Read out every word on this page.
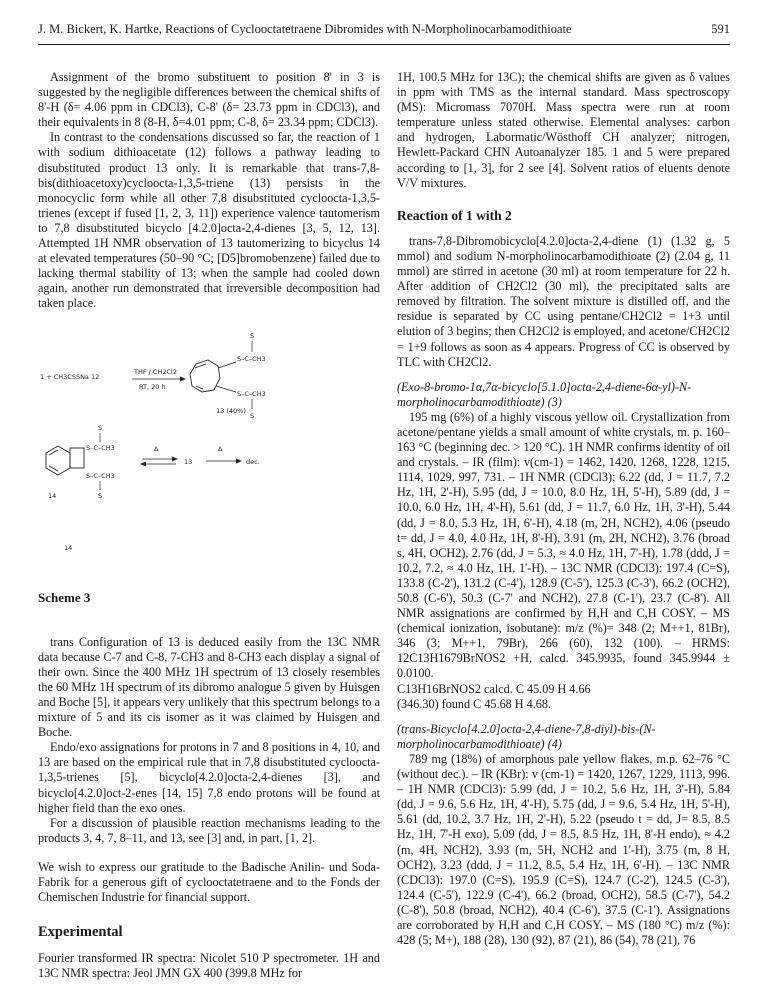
J. M. Bickert, K. Hartke, Reactions of Cyclooctatetraene Dibromides with N-Morpholinocarbamodithioate	591

Assignment of the bromo substituent to position 8' in 3 is suggested by the negligible differences between the chemical shifts of 8'-H (δ= 4.06 ppm in CDCl3), C-8' (δ= 23.73 ppm in CDCl3), and their equivalents in 8 (8-H, δ=4.01 ppm; C-8, δ= 23.34 ppm; CDCl3).

In contrast to the condensations discussed so far, the reaction of 1 with sodium dithioacetate (12) follows a pathway leading to disubstituted product 13 only. It is remarkable that trans-7,8-bis(dithioacetoxy)cycloocta-1,3,5-triene (13) persists in the monocyclic form while all other 7,8 disubstituted cycloocta-1,3,5-trienes (except if fused [1, 2, 3, 11]) experience valence tautomerism to 7,8 disubstituted bicyclo [4.2.0]octa-2,4-dienes [3, 5, 12, 13]. Attempted 1H NMR observation of 13 tautomerizing to bicyclus 14 at elevated temperatures (50–90 °C; [D5]bromobenzene) failed due to lacking thermal stability of 13; when the sample had cooled down again, another run demonstrated that irreversible decomposition had taken place.

1 + CH3CSSNa 12
THF / CH2Cl2
RT, 20 h
S
S–C–CH3
S–C–CH3
S
13 (40%)
S–C–CH3
S–C–CH3
S
S
14
Δ
13
Δ
dec.
14
Scheme 3

trans Configuration of 13 is deduced easily from the 13C NMR data because C-7 and C-8, 7-CH3 and 8-CH3 each display a signal of their own. Since the 400 MHz 1H spectrum of 13 closely resembles the 60 MHz 1H spectrum of its dibromo analogue 5 given by Huisgen and Boche [5], it appears very unlikely that this spectrum belongs to a mixture of 5 and its cis isomer as it was claimed by Huisgen and Boche.

Endo/exo assignations for protons in 7 and 8 positions in 4, 10, and 13 are based on the empirical rule that in 7,8 disubstituted cycloocta-1,3,5-trienes [5], bicyclo[4.2.0]octa-2,4-dienes [3], and bicyclo[4.2.0]oct-2-enes [14, 15] 7,8 endo protons will be found at higher field than the exo ones.

For a discussion of plausible reaction mechanisms leading to the products 3, 4, 7, 8–11, and 13, see [3] and, in part, [1, 2].

We wish to express our gratitude to the Badische Anilin- und Soda-Fabrik for a generous gift of cyclooctatetraene and to the Fonds der Chemischen Industrie for financial support.

Experimental

Fourier transformed IR spectra: Nicolet 510 P spectrometer. 1H and 13C NMR spectra: Jeol JMN GX 400 (399.8 MHz for

1H, 100.5 MHz for 13C); the chemical shifts are given as δ values in ppm with TMS as the internal standard. Mass spectroscopy (MS): Micromass 7070H. Mass spectra were run at room temperature unless stated otherwise. Elemental analyses: carbon and hydrogen, Labormatic/Wösthoff CH analyzer; nitrogen, Hewlett-Packard CHN Autoanalyzer 185. 1 and 5 were prepared according to [1, 3], for 2 see [4]. Solvent ratios of eluents denote V/V mixtures.

Reaction of 1 with 2

trans-7,8-Dibromobicyclo[4.2.0]octa-2,4-diene (1) (1.32 g, 5 mmol) and sodium N-morpholinocarbamodithioate (2) (2.04 g, 11 mmol) are stirred in acetone (30 ml) at room temperature for 22 h. After addition of CH2Cl2 (30 ml), the precipitated salts are removed by filtration. The solvent mixture is distilled off, and the residue is separated by CC using pentane/CH2Cl2 = 1+3 until elution of 3 begins; then CH2Cl2 is employed, and acetone/CH2Cl2 = 1+9 follows as soon as 4 appears. Progress of CC is observed by TLC with CH2Cl2.

(Exo-8-bromo-1α,7α-bicyclo[5.1.0]octa-2,4-diene-6α-yl)-N-morpholinocarbamodithioate) (3)

195 mg (6%) of a highly viscous yellow oil. Crystallization from acetone/pentane yields a small amount of white crystals, m. p. 160–163 °C (beginning dec. > 120 °C). 1H NMR confirms identity of oil and crystals. – IR (film): v(cm-1) = 1462, 1420, 1268, 1228, 1215, 1114, 1029, 997, 731. – 1H NMR (CDCl3): 6.22 (dd, J = 11.7, 7.2 Hz, 1H, 2'-H), 5.95 (dd, J = 10.0, 8.0 Hz, 1H, 5'-H), 5.89 (dd, J = 10.0, 6.0 Hz, 1H, 4'-H), 5.61 (dd, J = 11.7, 6.0 Hz, 1H, 3'-H), 5.44 (dd, J = 8.0, 5.3 Hz, 1H, 6'-H), 4.18 (m, 2H, NCH2), 4.06 (pseudo t= dd, J = 4.0, 4.0 Hz, 1H, 8'-H), 3.91 (m, 2H, NCH2), 3.76 (broad s, 4H, OCH2), 2.76 (dd, J = 5.3, ≈ 4.0 Hz, 1H, 7'-H), 1.78 (ddd, J = 10.2, 7.2, ≈ 4.0 Hz, 1H, 1'-H). – 13C NMR (CDCl3): 197.4 (C=S), 133.8 (C-2'), 131.2 (C-4'), 128.9 (C-5'), 125.3 (C-3'), 66.2 (OCH2), 50.8 (C-6'), 50.3 (C-7' and NCH2), 27.8 (C-1'), 23.7 (C-8'). All NMR assignations are confirmed by H,H and C,H COSY. – MS (chemical ionization, isobutane): m/z (%)= 348 (2; M++1, 81Br), 346 (3; M++1, 79Br), 266 (60), 132 (100). – HRMS: 12C13H1679BrNOS2 +H, calcd. 345.9935, found 345.9944 ± 0.0100.

C13H16BrNOS2 calcd. C 45.09 H 4.66
(346.30) found C 45.68 H 4.68.
(trans-Bicyclo[4.2.0]octa-2,4-diene-7,8-diyl)-bis-(N-morpholinocarbamodithioate) (4)

789 mg (18%) of amorphous pale yellow flakes, m.p. 62–76 °C (without dec.). – IR (KBr): v (cm-1) = 1420, 1267, 1229, 1113, 996. – 1H NMR (CDCl3): 5.99 (dd, J = 10.2, 5.6 Hz, 1H, 3'-H), 5.84 (dd, J = 9.6, 5.6 Hz, 1H, 4'-H), 5.75 (dd, J = 9.6, 5.4 Hz, 1H, 5'-H), 5.61 (dd, 10.2, 3.7 Hz, 1H, 2'-H), 5.22 (pseudo t = dd, J= 8.5, 8.5 Hz, 1H, 7'-H exo), 5.09 (dd, J = 8.5, 8.5 Hz, 1H, 8'-H endo), ≈ 4.2 (m, 4H, NCH2), 3.93 (m, 5H, NCH2 and 1'-H), 3.75 (m, 8 H, OCH2), 3.23 (ddd, J = 11.2, 8.5, 5.4 Hz, 1H, 6'-H). – 13C NMR (CDCl3): 197.0 (C=S), 195.9 (C=S), 124.7 (C-2'), 124.5 (C-3'), 124.4 (C-5'), 122.9 (C-4'), 66.2 (broad, OCH2), 58.5 (C-7'), 54.2 (C-8'), 50.8 (broad, NCH2), 40.4 (C-6'), 37.5 (C-1'). Assignations are corroborated by H,H and C,H COSY. – MS (180 °C) m/z (%): 428 (5; M+), 188 (28), 130 (92), 87 (21), 86 (54), 78 (21), 76
